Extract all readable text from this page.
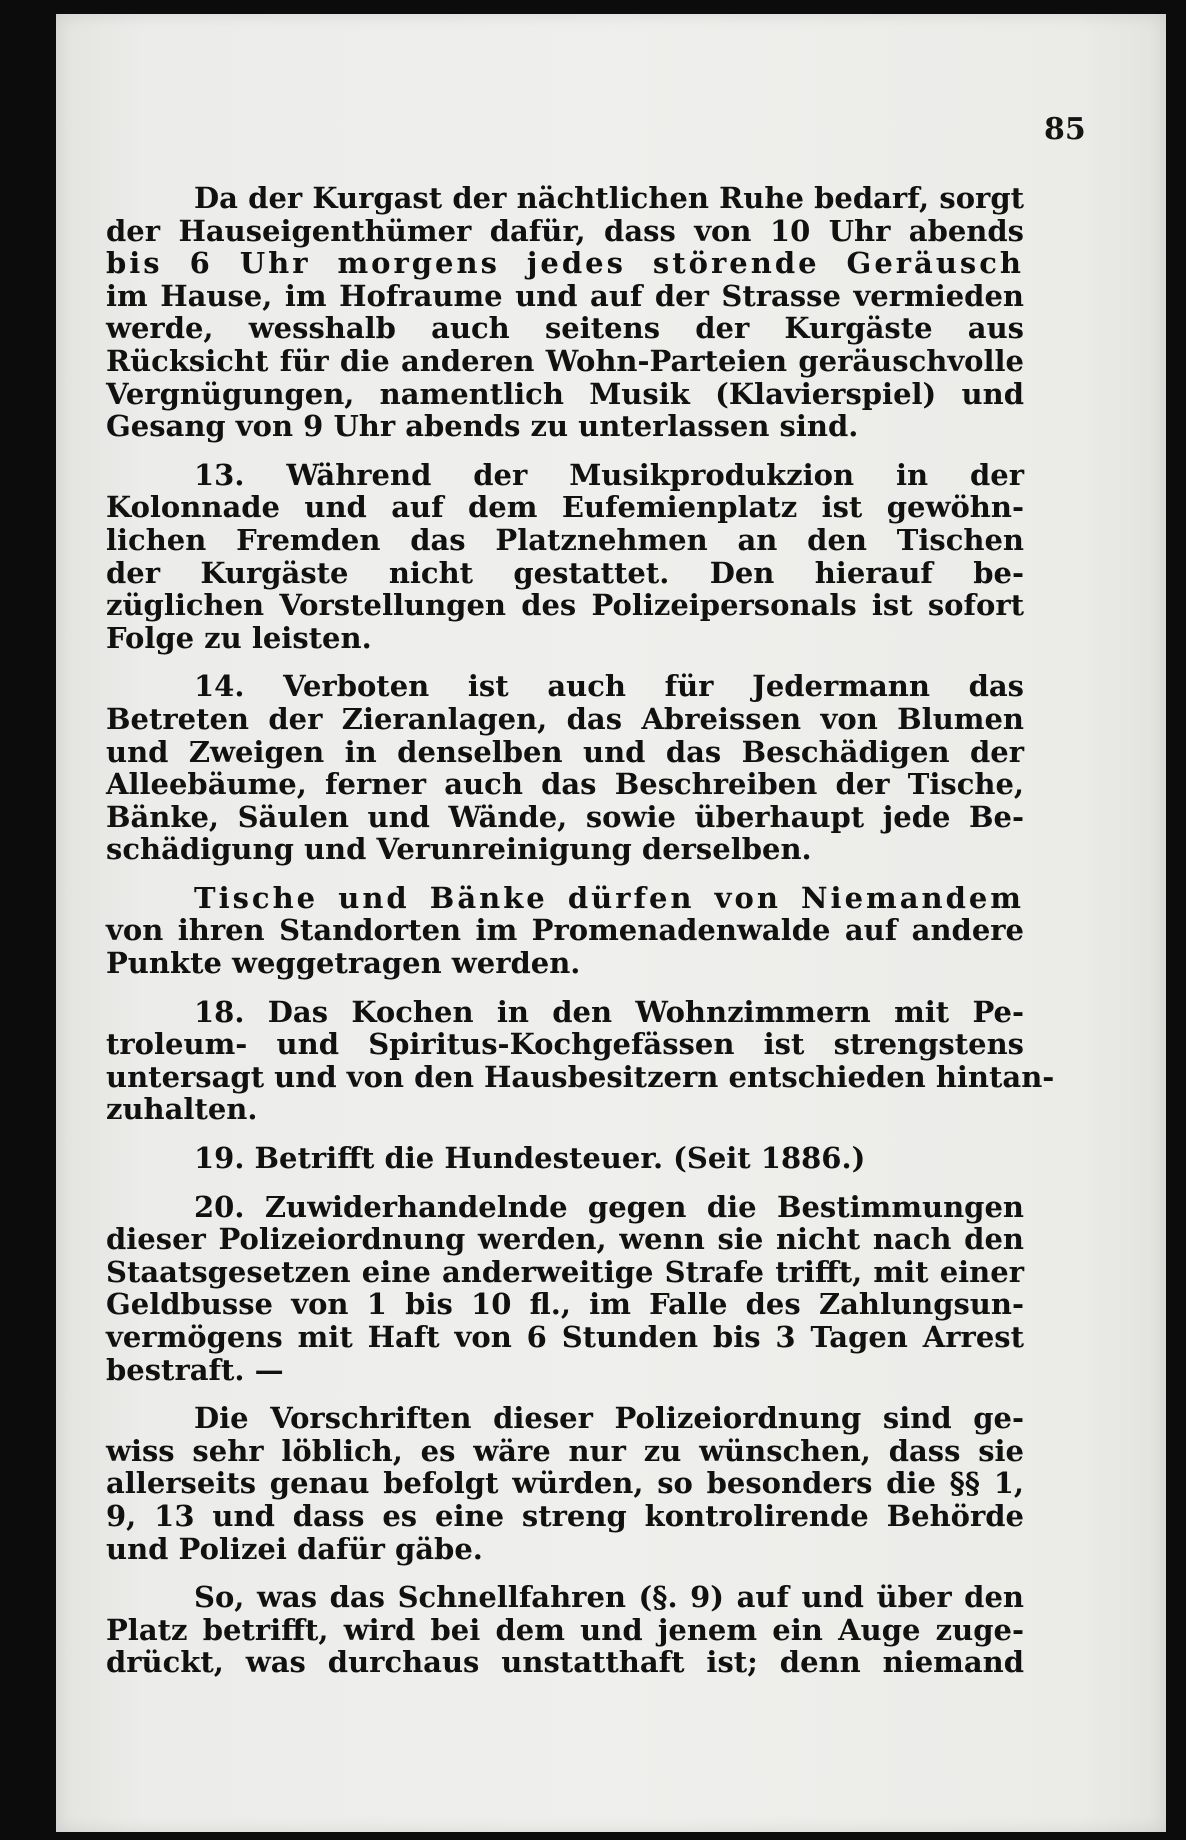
85
Da der Kurgast der nächtlichen Ruhe bedarf, sorgt
der Hauseigenthümer dafür, dass von 10 Uhr abends
bis 6 Uhr morgens jedes störende Geräusch
im Hause, im Hofraume und auf der Strasse vermieden
werde, wesshalb auch seitens der Kurgäste aus
Rücksicht für die anderen Wohn-Parteien geräuschvolle
Vergnügungen, namentlich Musik (Klavierspiel) und
Gesang von 9 Uhr abends zu unterlassen sind.
13. Während der Musikprodukzion in der
Kolonnade und auf dem Eufemienplatz ist gewöhn-
lichen Fremden das Platznehmen an den Tischen
der Kurgäste nicht gestattet. Den hierauf be-
züglichen Vorstellungen des Polizeipersonals ist sofort
Folge zu leisten.
14. Verboten ist auch für Jedermann das
Betreten der Zieranlagen, das Abreissen von Blumen
und Zweigen in denselben und das Beschädigen der
Alleebäume, ferner auch das Beschreiben der Tische,
Bänke, Säulen und Wände, sowie überhaupt jede Be-
schädigung und Verunreinigung derselben.
Tische und Bänke dürfen von Niemandem
von ihren Standorten im Promenadenwalde auf andere
Punkte weggetragen werden.
18. Das Kochen in den Wohnzimmern mit Pe-
troleum- und Spiritus-Kochgefässen ist strengstens
untersagt und von den Hausbesitzern entschieden hintan-
zuhalten.
19. Betrifft die Hundesteuer. (Seit 1886.)
20. Zuwiderhandelnde gegen die Bestimmungen
dieser Polizeiordnung werden, wenn sie nicht nach den
Staatsgesetzen eine anderweitige Strafe trifft, mit einer
Geldbusse von 1 bis 10 fl., im Falle des Zahlungsun-
vermögens mit Haft von 6 Stunden bis 3 Tagen Arrest
bestraft. —
Die Vorschriften dieser Polizeiordnung sind ge-
wiss sehr löblich, es wäre nur zu wünschen, dass sie
allerseits genau befolgt würden, so besonders die §§ 1,
9, 13 und dass es eine streng kontrolirende Behörde
und Polizei dafür gäbe.
So, was das Schnellfahren (§. 9) auf und über den
Platz betrifft, wird bei dem und jenem ein Auge zuge-
drückt, was durchaus unstatthaft ist; denn niemand
